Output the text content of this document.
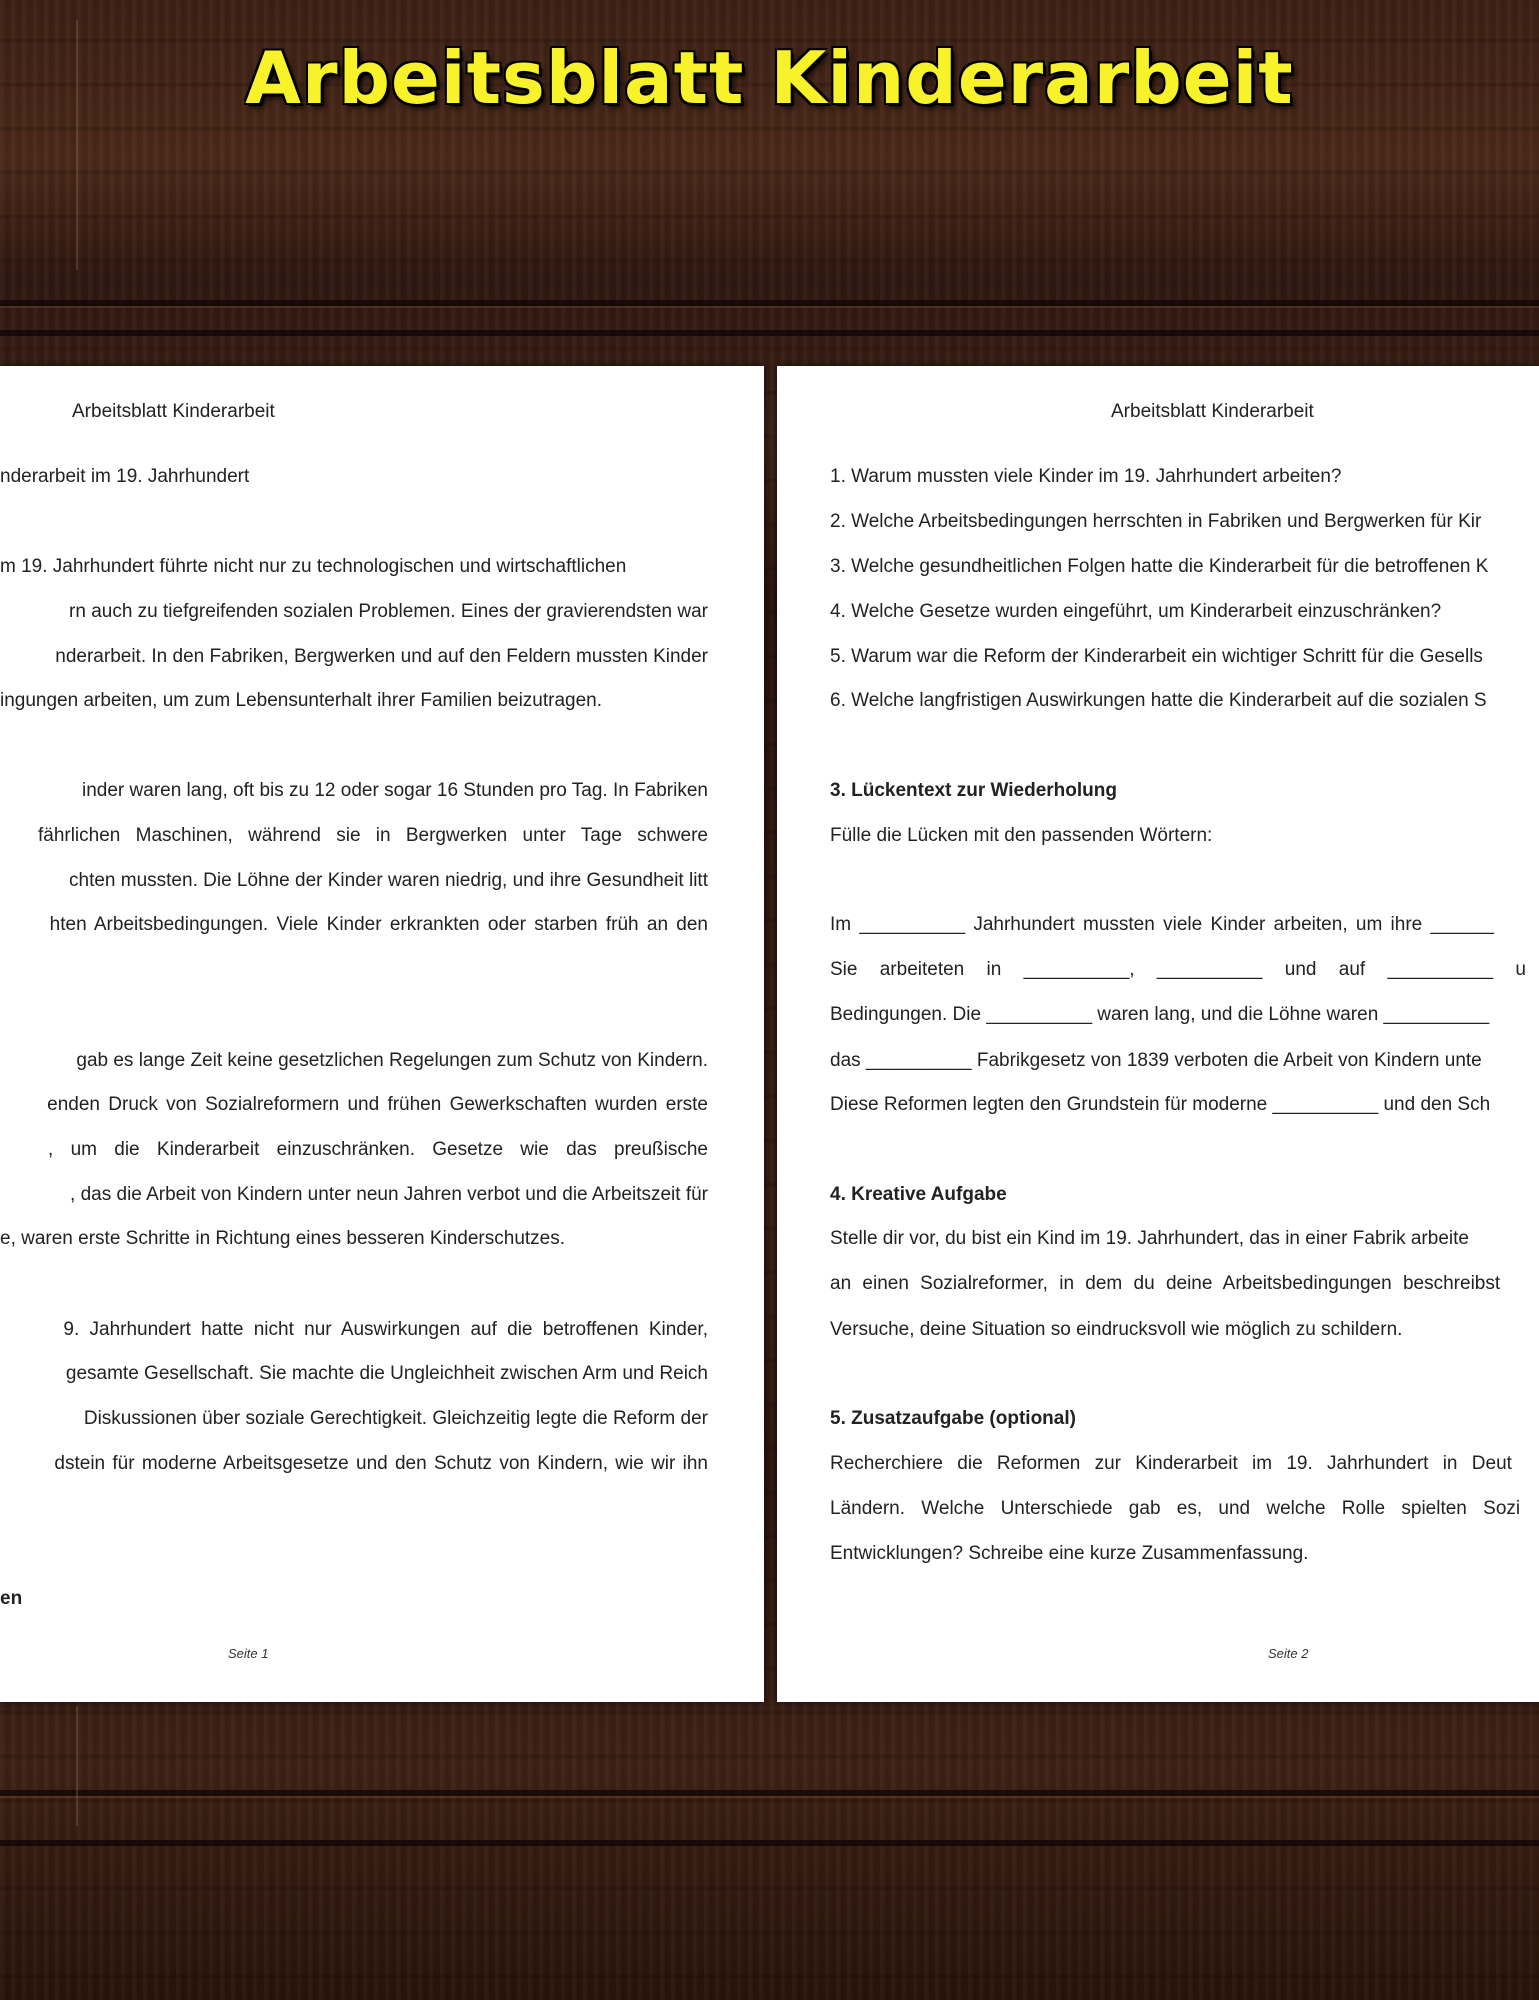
Arbeitsblatt Kinderarbeit
Arbeitsblatt Kinderarbeit
nderarbeit im 19. Jahrhundert
m 19. Jahrhundert führte nicht nur zu technologischen und wirtschaftlichen
rn auch zu tiefgreifenden sozialen Problemen. Eines der gravierendsten war
nderarbeit. In den Fabriken, Bergwerken und auf den Feldern mussten Kinder
ingungen arbeiten, um zum Lebensunterhalt ihrer Familien beizutragen.
inder waren lang, oft bis zu 12 oder sogar 16 Stunden pro Tag. In Fabriken
fährlichen Maschinen, während sie in Bergwerken unter Tage schwere
chten mussten. Die Löhne der Kinder waren niedrig, und ihre Gesundheit litt
hten Arbeitsbedingungen. Viele Kinder erkrankten oder starben früh an den
gab es lange Zeit keine gesetzlichen Regelungen zum Schutz von Kindern.
enden Druck von Sozialreformern und frühen Gewerkschaften wurden erste
, um die Kinderarbeit einzuschränken. Gesetze wie das preußische
, das die Arbeit von Kindern unter neun Jahren verbot und die Arbeitszeit für
e, waren erste Schritte in Richtung eines besseren Kinderschutzes.
9. Jahrhundert hatte nicht nur Auswirkungen auf die betroffenen Kinder,
gesamte Gesellschaft. Sie machte die Ungleichheit zwischen Arm und Reich
Diskussionen über soziale Gerechtigkeit. Gleichzeitig legte die Reform der
dstein für moderne Arbeitsgesetze und den Schutz von Kindern, wie wir ihn
en
Seite 1
Arbeitsblatt Kinderarbeit
1. Warum mussten viele Kinder im 19. Jahrhundert arbeiten?
2. Welche Arbeitsbedingungen herrschten in Fabriken und Bergwerken für Kir
3. Welche gesundheitlichen Folgen hatte die Kinderarbeit für die betroffenen K
4. Welche Gesetze wurden eingeführt, um Kinderarbeit einzuschränken?
5. Warum war die Reform der Kinderarbeit ein wichtiger Schritt für die Gesells
6. Welche langfristigen Auswirkungen hatte die Kinderarbeit auf die sozialen S
3. Lückentext zur Wiederholung
Fülle die Lücken mit den passenden Wörtern:
Im __________ Jahrhundert mussten viele Kinder arbeiten, um ihre ______
Sie arbeiteten in __________, __________ und auf __________ u
Bedingungen. Die __________ waren lang, und die Löhne waren __________
das __________ Fabrikgesetz von 1839 verboten die Arbeit von Kindern unte
Diese Reformen legten den Grundstein für moderne __________ und den Sch
4. Kreative Aufgabe
Stelle dir vor, du bist ein Kind im 19. Jahrhundert, das in einer Fabrik arbeite
an einen Sozialreformer, in dem du deine Arbeitsbedingungen beschreibst
Versuche, deine Situation so eindrucksvoll wie möglich zu schildern.
5. Zusatzaufgabe (optional)
Recherchiere die Reformen zur Kinderarbeit im 19. Jahrhundert in Deut
Ländern. Welche Unterschiede gab es, und welche Rolle spielten Sozi
Entwicklungen? Schreibe eine kurze Zusammenfassung.
Seite 2
